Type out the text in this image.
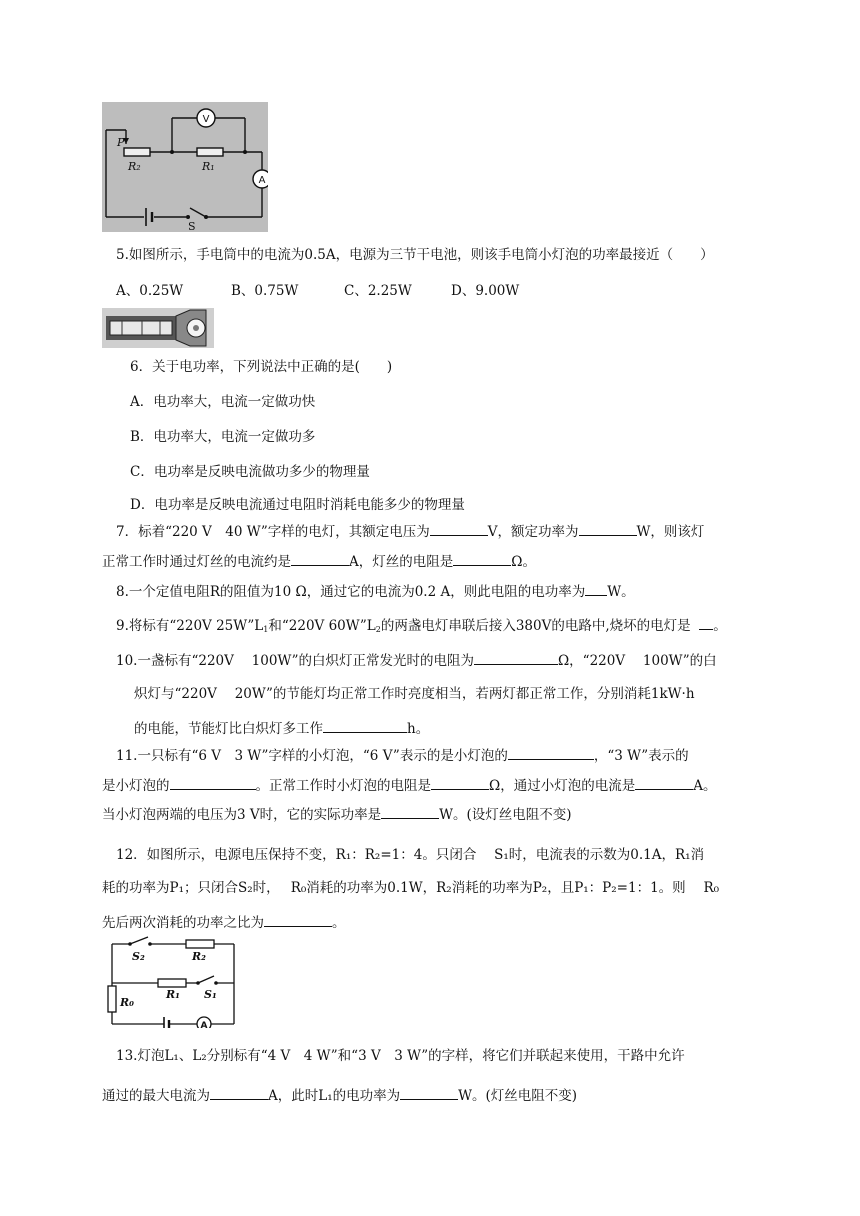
P
R₂	R₁
S
V
A
5.如图所示，手电筒中的电流为0.5A，电源为三节干电池，则该手电筒小灯泡的功率最接近（　　）
A、0.25W	B、0.75W	C、2.25W	D、9.00W
6．关于电功率，下列说法中正确的是(　　)
A．电功率大，电流一定做功快
B．电功率大，电流一定做功多
C．电功率是反映电流做功多少的物理量
D．电功率是反映电流通过电阻时消耗电能多少的物理量
7．标着“220 V　40 W”字样的电灯，其额定电压为	V，额定功率为	W，则该灯
正常工作时通过灯丝的电流约是	A，灯丝的电阻是	Ω。
8.一个定值电阻R的阻值为10 Ω，通过它的电流为0.2 A，则此电阻的电功率为 W。
9.将标有“220V $25W”L_1$和“220V $60W”L_2$的两盏电灯串联后接入380V的电路中,烧坏的电灯是 。
10.一盏标有“220V　 100W”的白炽灯正常发光时的电阻为	Ω，“220V　 100W”的白
炽灯与“220V　 20W”的节能灯均正常工作时亮度相当，若两灯都正常工作，分别消耗1kW·h
的电能，节能灯比白炽灯多工作	h。
11.一只标有“6 V　3 W”字样的小灯泡，“6 V”表示的是小灯泡的	，“3 W”表示的
是小灯泡的	。正常工作时小灯泡的电阻是	Ω，通过小灯泡的电流是	A。
当小灯泡两端的电压为3 V时，它的实际功率是	W。(设灯丝电阻不变)
12．如图所示，电源电压保持不变，R₁：R₂=1：4。只闭合　 S₁时，电流表的示数为0.1A，R₁消
耗的功率为P₁；只闭合S₂时，　 R₀消耗的功率为0.1W，R₂消耗的功率为P₂，且P₁：P₂=1：1。则　 R₀
先后两次消耗的功率之比为	。
S₂	R₂
R₁ S₁
R₀
A
13.灯泡L₁、L₂分别标有“4 V　4 W”和“3 V　3 W”的字样，将它们并联起来使用，干路中允许
通过的最大电流为	A，此时L₁的电功率为	W。(灯丝电阻不变)
